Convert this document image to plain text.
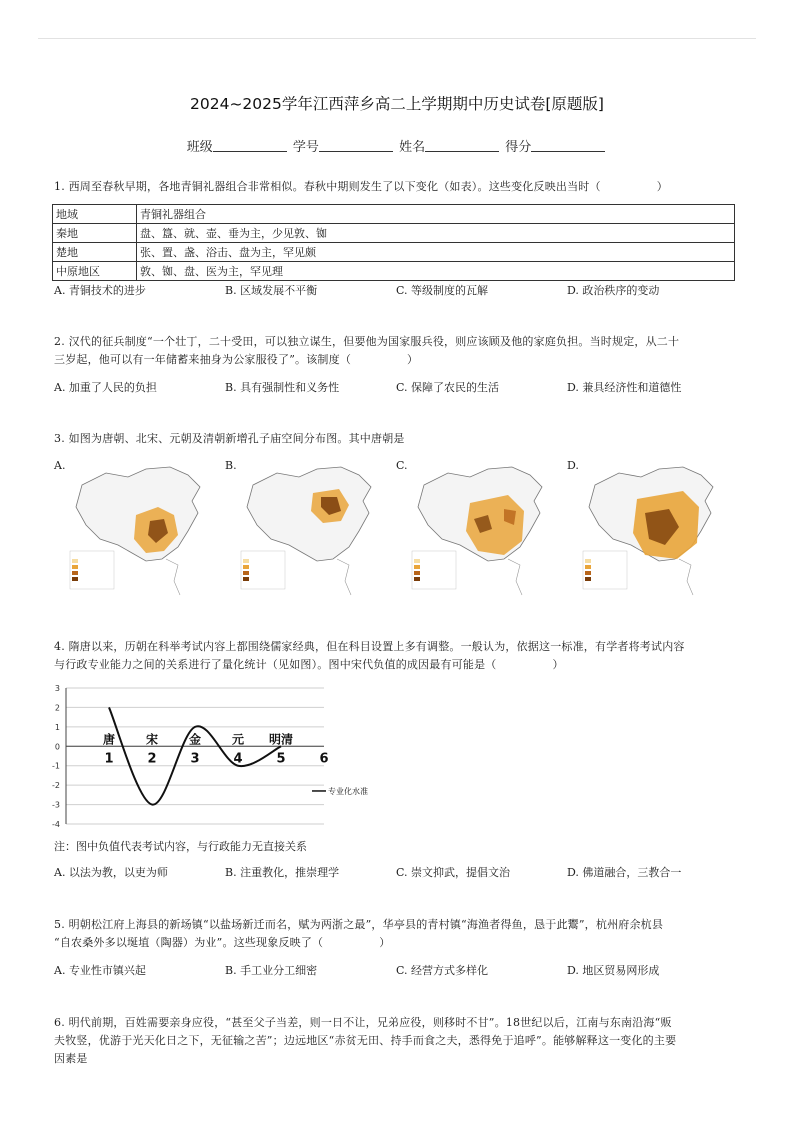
2024~2025学年江西萍乡高二上学期期中历史试卷[原题版]
班级	学号	姓名	得分
1. 西周至春秋早期，各地青铜礼器组合非常相似。春秋中期则发生了以下变化（如表）。这些变化反映出当时（　　　　　）
地域	青铜礼器组合
秦地	盘、簋、就、壶、垂为主，少见敦、铷
楚地	张、置、盏、浴击、盘为主，罕见颇
中原地区	敦、铷、盘、医为主，罕见理
A. 青铜技术的进步	B. 区域发展不平衡	C. 等级制度的瓦解	D. 政治秩序的变动
2. 汉代的征兵制度“一个壮丁，二十受田，可以独立谋生，但要他为国家服兵役，则应该顾及他的家庭负担。当时规定，从二十
三岁起，他可以有一年储蓄来抽身为公家服役了”。该制度（　　　　　）
A. 加重了人民的负担	B. 具有强制性和义务性	C. 保障了农民的生活	D. 兼具经济性和道德性
3. 如图为唐朝、北宋、元朝及清朝新增孔子庙空间分布图。其中唐朝是
A.	B.	C.	D.
4. 隋唐以来，历朝在科举考试内容上都围绕儒家经典，但在科目设置上多有调整。一般认为，依据这一标准，有学者将考试内容
与行政专业能力之间的关系进行了量化统计（见如图）。图中宋代负值的成因最有可能是（　　　　　）
3
2
1
0
-1
-2
-3
-4
1	2	3	4	5	6
唐	宋	金	元 明清
专业化水准
注：图中负值代表考试内容，与行政能力无直接关系
A. 以法为教，以吏为师	B. 注重教化，推崇理学	C. 崇文抑武，提倡文治	D. 佛道融合，三教合一
5. 明朝松江府上海县的新场镇“以盐场新迁而名，赋为两浙之最”，华亭县的青村镇“海渔者得鱼，恳于此鬻”，杭州府余杭县
“自农桑外多以埏埴（陶器）为业”。这些现象反映了（　　　　　）
A. 专业性市镇兴起	B. 手工业分工细密	C. 经营方式多样化	D. 地区贸易网形成
6. 明代前期，百姓需要亲身应役，“甚至父子当差，则一日不让，兄弟应役，则移时不甘”。18世纪以后，江南与东南沿海“贩
夫牧竖，优游于光天化日之下，无征输之苦”；边远地区“赤贫无田、持手而食之夫，悉得免于追呼”。能够解释这一变化的主要
因素是
